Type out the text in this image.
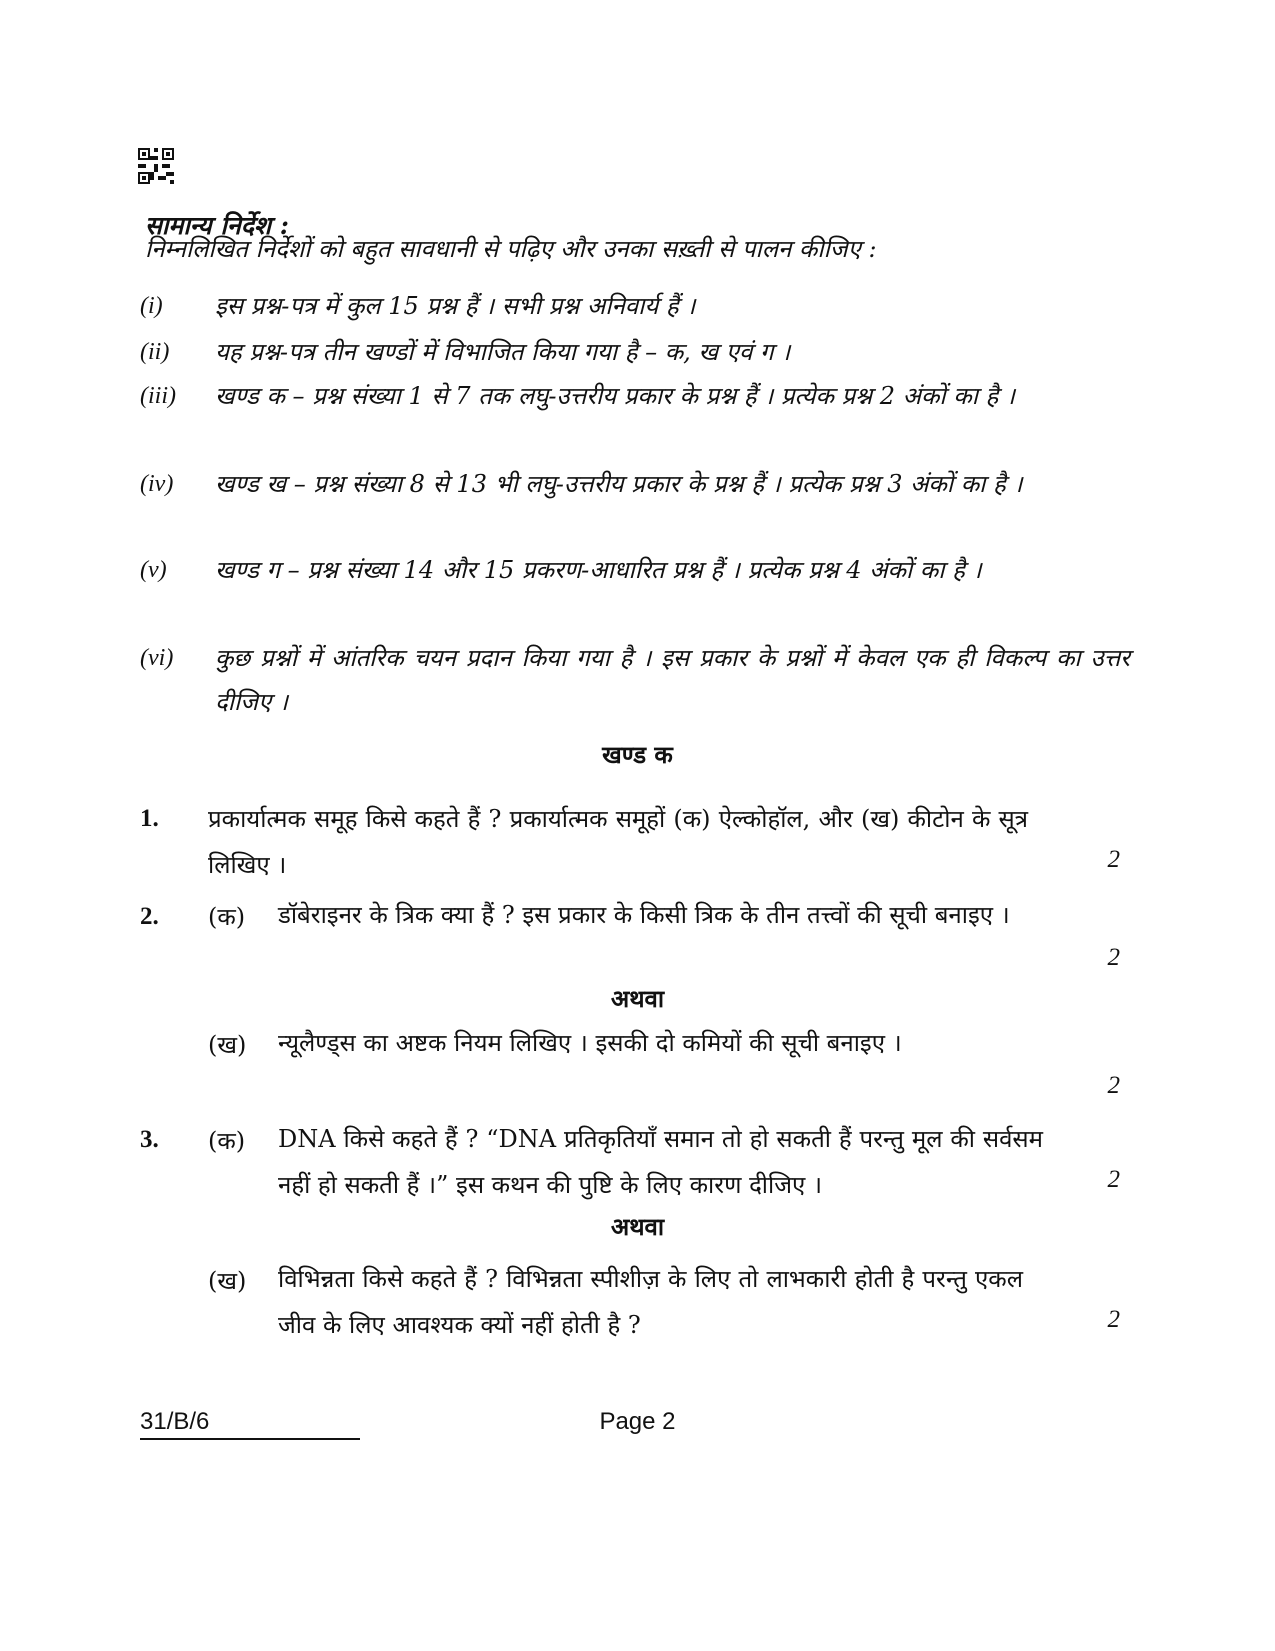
सामान्य निर्देश :
निम्नलिखित निर्देशों को बहुत सावधानी से पढ़िए और उनका सख़्ती से पालन कीजिए :
(i)	इस प्रश्न-पत्र में कुल 15 प्रश्न हैं । सभी प्रश्न अनिवार्य हैं ।
(ii)	यह प्रश्न-पत्र तीन खण्डों में विभाजित किया गया है – क, ख एवं ग ।
(iii)	खण्ड क – प्रश्न संख्या 1 से 7 तक लघु-उत्तरीय प्रकार के प्रश्न हैं । प्रत्येक प्रश्न 2 अंकों का है ।
(iv)	खण्ड ख – प्रश्न संख्या 8 से 13 भी लघु-उत्तरीय प्रकार के प्रश्न हैं । प्रत्येक प्रश्न 3 अंकों का है ।
(v)	खण्ड ग – प्रश्न संख्या 14 और 15 प्रकरण-आधारित प्रश्न हैं । प्रत्येक प्रश्न 4 अंकों का है ।
(vi)	कुछ प्रश्नों में आंतरिक चयन प्रदान किया गया है । इस प्रकार के प्रश्नों में केवल एक ही विकल्प का उत्तर दीजिए ।
खण्ड क
1. प्रकार्यात्मक समूह किसे कहते हैं ? प्रकार्यात्मक समूहों (क) ऐल्कोहॉल, और (ख) कीटोन के सूत्र लिखिए ।	2
2. (क) डॉबेराइनर के त्रिक क्या हैं ? इस प्रकार के किसी त्रिक के तीन तत्त्वों की सूची बनाइए ।
2
अथवा
(ख) न्यूलैण्ड्स का अष्टक नियम लिखिए । इसकी दो कमियों की सूची बनाइए ।
2
3. (क) DNA किसे कहते हैं ? “DNA प्रतिकृतियाँ समान तो हो सकती हैं परन्तु मूल की सर्वसम नहीं हो सकती हैं ।” इस कथन की पुष्टि के लिए कारण दीजिए ।	2
अथवा
(ख) विभिन्नता किसे कहते हैं ? विभिन्नता स्पीशीज़ के लिए तो लाभकारी होती है परन्तु एकल जीव के लिए आवश्यक क्यों नहीं होती है ?	2
31/B/6	Page 2
